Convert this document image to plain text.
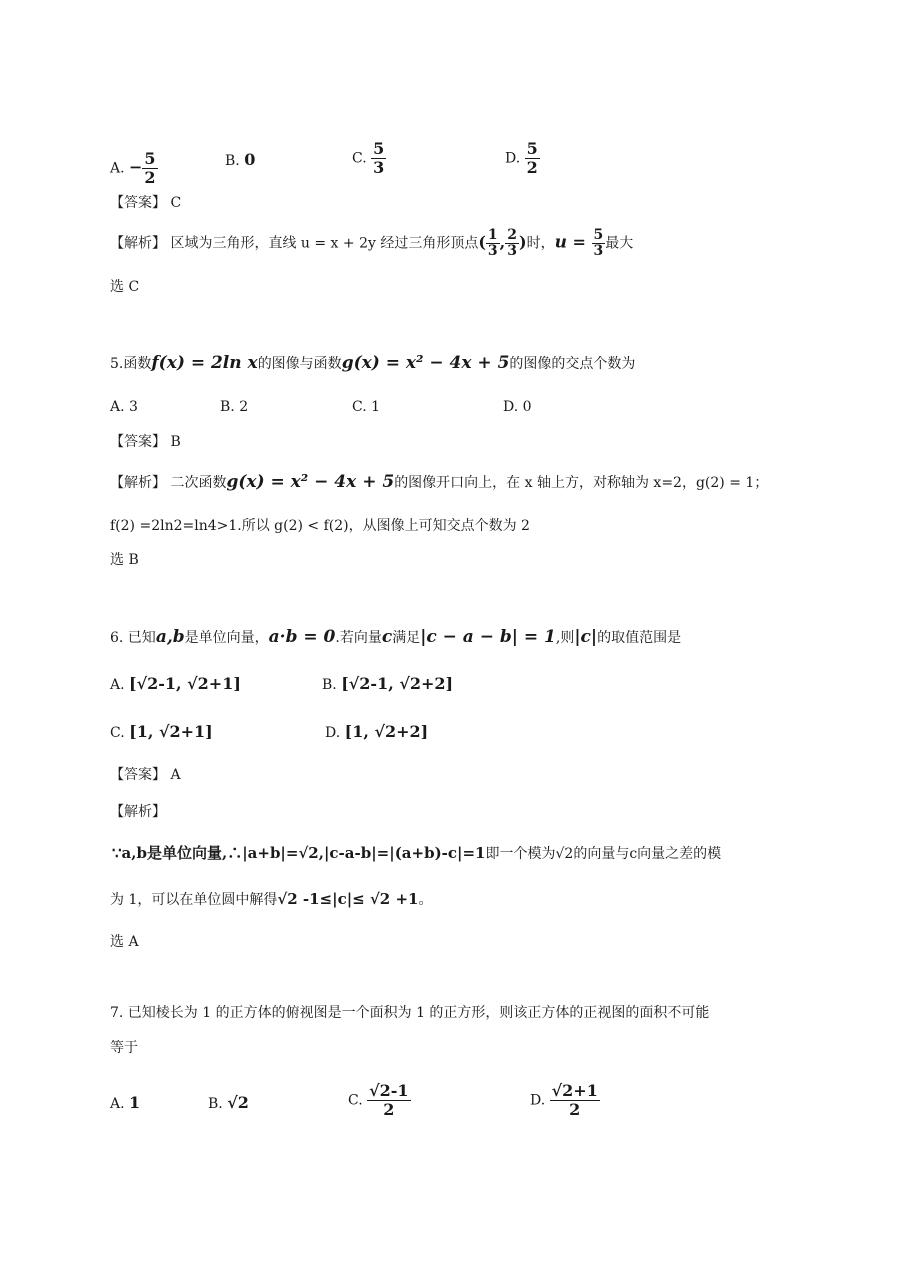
A. − $\frac{5}{2}$	B. 0	C. $\frac{5}{3}$	D. $\frac{5}{2}$
【答案】 C
【解析】 区域为三角形，直线 u = x + 2y 经过三角形顶点( $\frac{1}{3}$ , $\frac{2}{3}$ )时，$u = \frac{5}{3}$ 最大
选 C
5.函数f(x) = 2ln x的图像与函数g(x) = x² − 4x + 5的图像的交点个数为
A. 3	B. 2	C. 1	D. 0
【答案】 B
【解析】 二次函数g(x) = x² − 4x + 5的图像开口向上，在 x 轴上方，对称轴为 x=2，g(2) = 1；
f(2) =2ln2=ln4>1.所以 g(2) < f(2)，从图像上可知交点个数为 2
选 B
6. 已知a,b是单位向量，a·b = 0.若向量c满足|c − a − b| = 1,则|c|的取值范围是
A. [√2-1, √2+1]	B. [√2-1, √2+2]
C. [1, √2+1]	D. [1, √2+2]
【答案】 A
【解析】
∵a,b是单位向量,∴|a+b|=√2,|c-a-b|=|(a+b)-c|=1即一个模为√2的向量与c向量之差的模
为 1，可以在单位圆中解得√2 -1≤|c|≤ √2 +1。
选 A
7. 已知棱长为 1 的正方体的俯视图是一个面积为 1 的正方形，则该正方体的正视图的面积不可能
等于
A. 1	B. √2	C. $\frac{√2-1}{2}$	D. $\frac{√2+1}{2}$
